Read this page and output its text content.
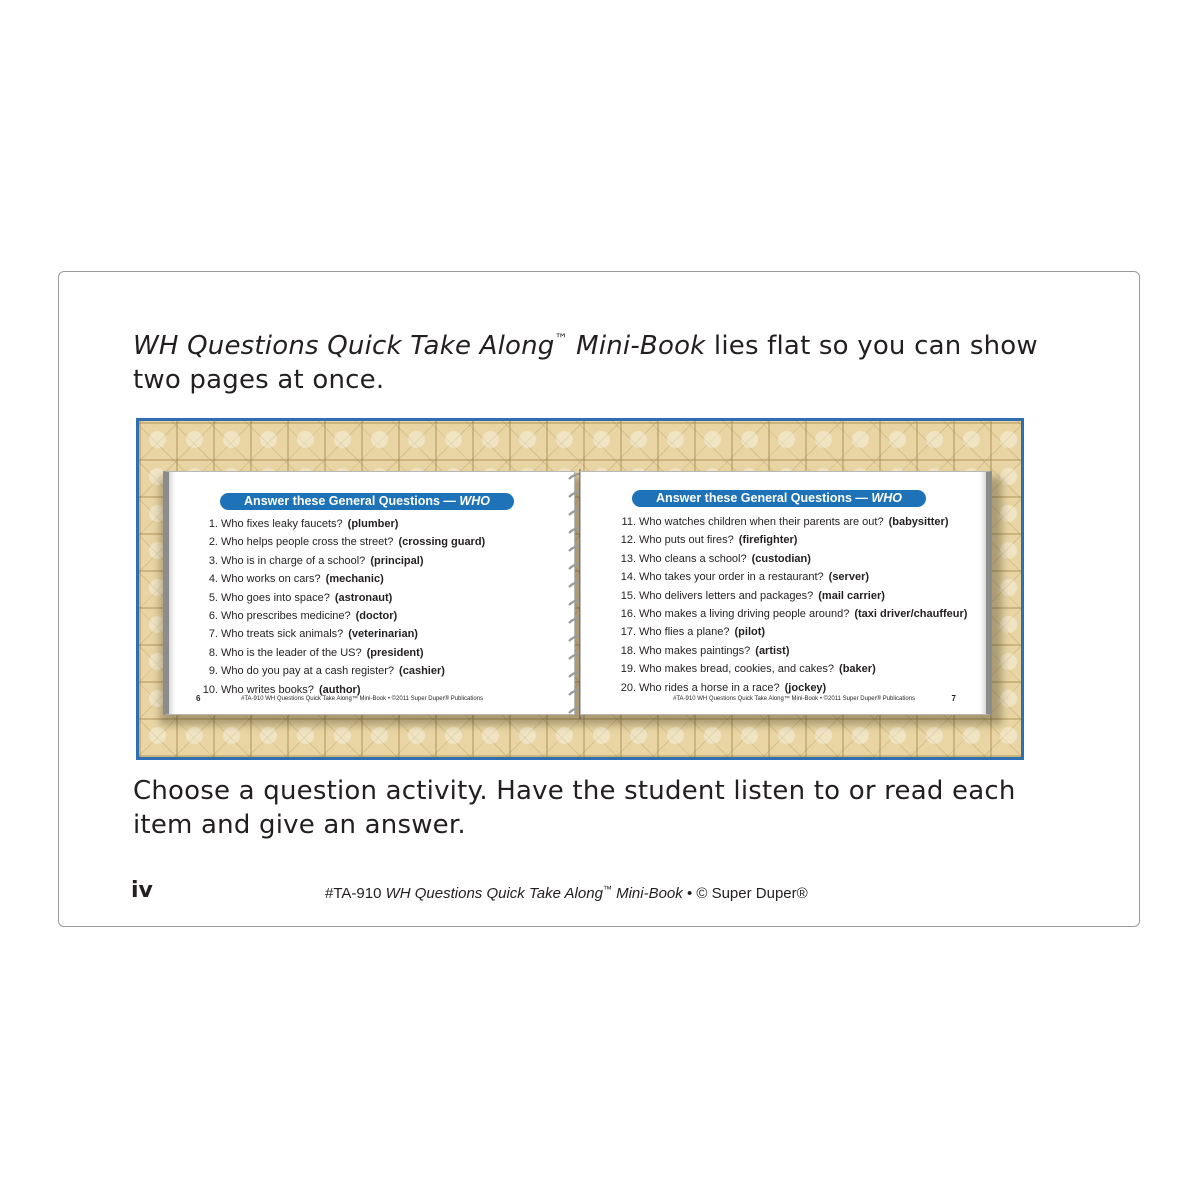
WH Questions Quick Take Along™ Mini-Book lies flat so you can show two pages at once.

Answer these General Questions — WHO
1. Who fixes leaky faucets? (plumber)
2. Who helps people cross the street? (crossing guard)
3. Who is in charge of a school? (principal)
4. Who works on cars? (mechanic)
5. Who goes into space? (astronaut)
6. Who prescribes medicine? (doctor)
7. Who treats sick animals? (veterinarian)
8. Who is the leader of the US? (president)
9. Who do you pay at a cash register? (cashier)
10. Who writes books? (author)
6	#TA-910 WH Questions Quick Take Along™ Mini-Book • ©2011 Super Duper® Publications
Answer these General Questions — WHO
11. Who watches children when their parents are out? (babysitter)
12. Who puts out fires? (firefighter)
13. Who cleans a school? (custodian)
14. Who takes your order in a restaurant? (server)
15. Who delivers letters and packages? (mail carrier)
16. Who makes a living driving people around? (taxi driver/chauffeur)
17. Who flies a plane? (pilot)
18. Who makes paintings? (artist)
19. Who makes bread, cookies, and cakes? (baker)
20. Who rides a horse in a race? (jockey)
#TA-910 WH Questions Quick Take Along™ Mini-Book • ©2011 Super Duper® Publications	7

Choose a question activity. Have the student listen to or read each item and give an answer.

iv	#TA-910 WH Questions Quick Take Along™ Mini-Book • © Super Duper®
